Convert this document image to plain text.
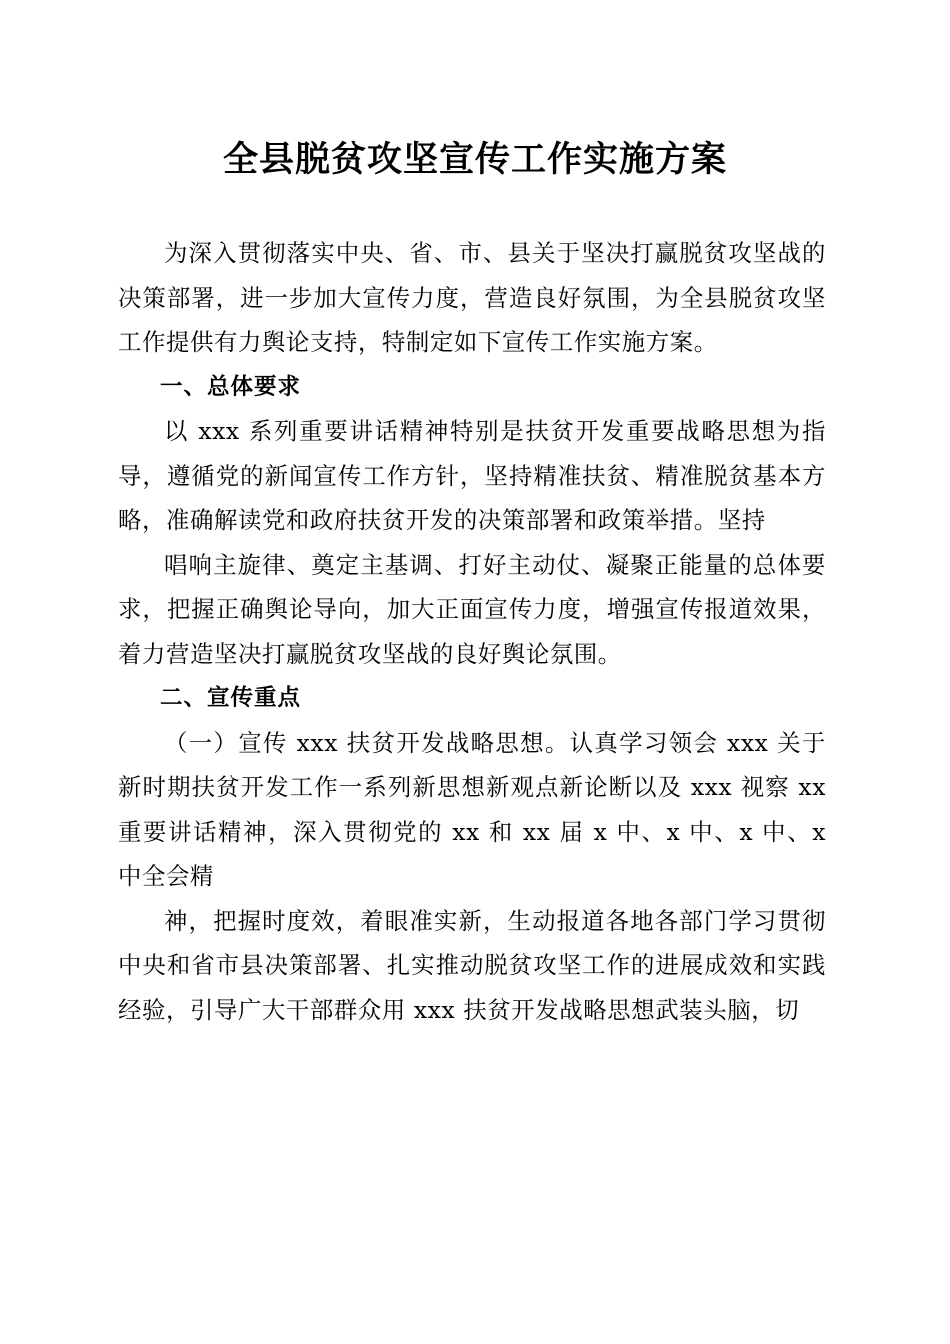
全县脱贫攻坚宣传工作实施方案

为深入贯彻落实中央、省、市、县关于坚决打赢脱贫攻坚战的决策部署，进一步加大宣传力度，营造良好氛围，为全县脱贫攻坚工作提供有力舆论支持，特制定如下宣传工作实施方案。

一、总体要求

以 xxx 系列重要讲话精神特别是扶贫开发重要战略思想为指导，遵循党的新闻宣传工作方针，坚持精准扶贫、精准脱贫基本方略，准确解读党和政府扶贫开发的决策部署和政策举措。坚持

唱响主旋律、奠定主基调、打好主动仗、凝聚正能量的总体要求，把握正确舆论导向，加大正面宣传力度，增强宣传报道效果，着力营造坚决打赢脱贫攻坚战的良好舆论氛围。

二、宣传重点

（一）宣传 xxx 扶贫开发战略思想。认真学习领会 xxx 关于新时期扶贫开发工作一系列新思想新观点新论断以及 xxx 视察 xx 重要讲话精神，深入贯彻党的 xx 和 xx 届 x 中、x 中、x 中、x 中全会精

神，把握时度效，着眼准实新，生动报道各地各部门学习贯彻中央和省市县决策部署、扎实推动脱贫攻坚工作的进展成效和实践经验，引导广大干部群众用 xxx 扶贫开发战略思想武装头脑，切
